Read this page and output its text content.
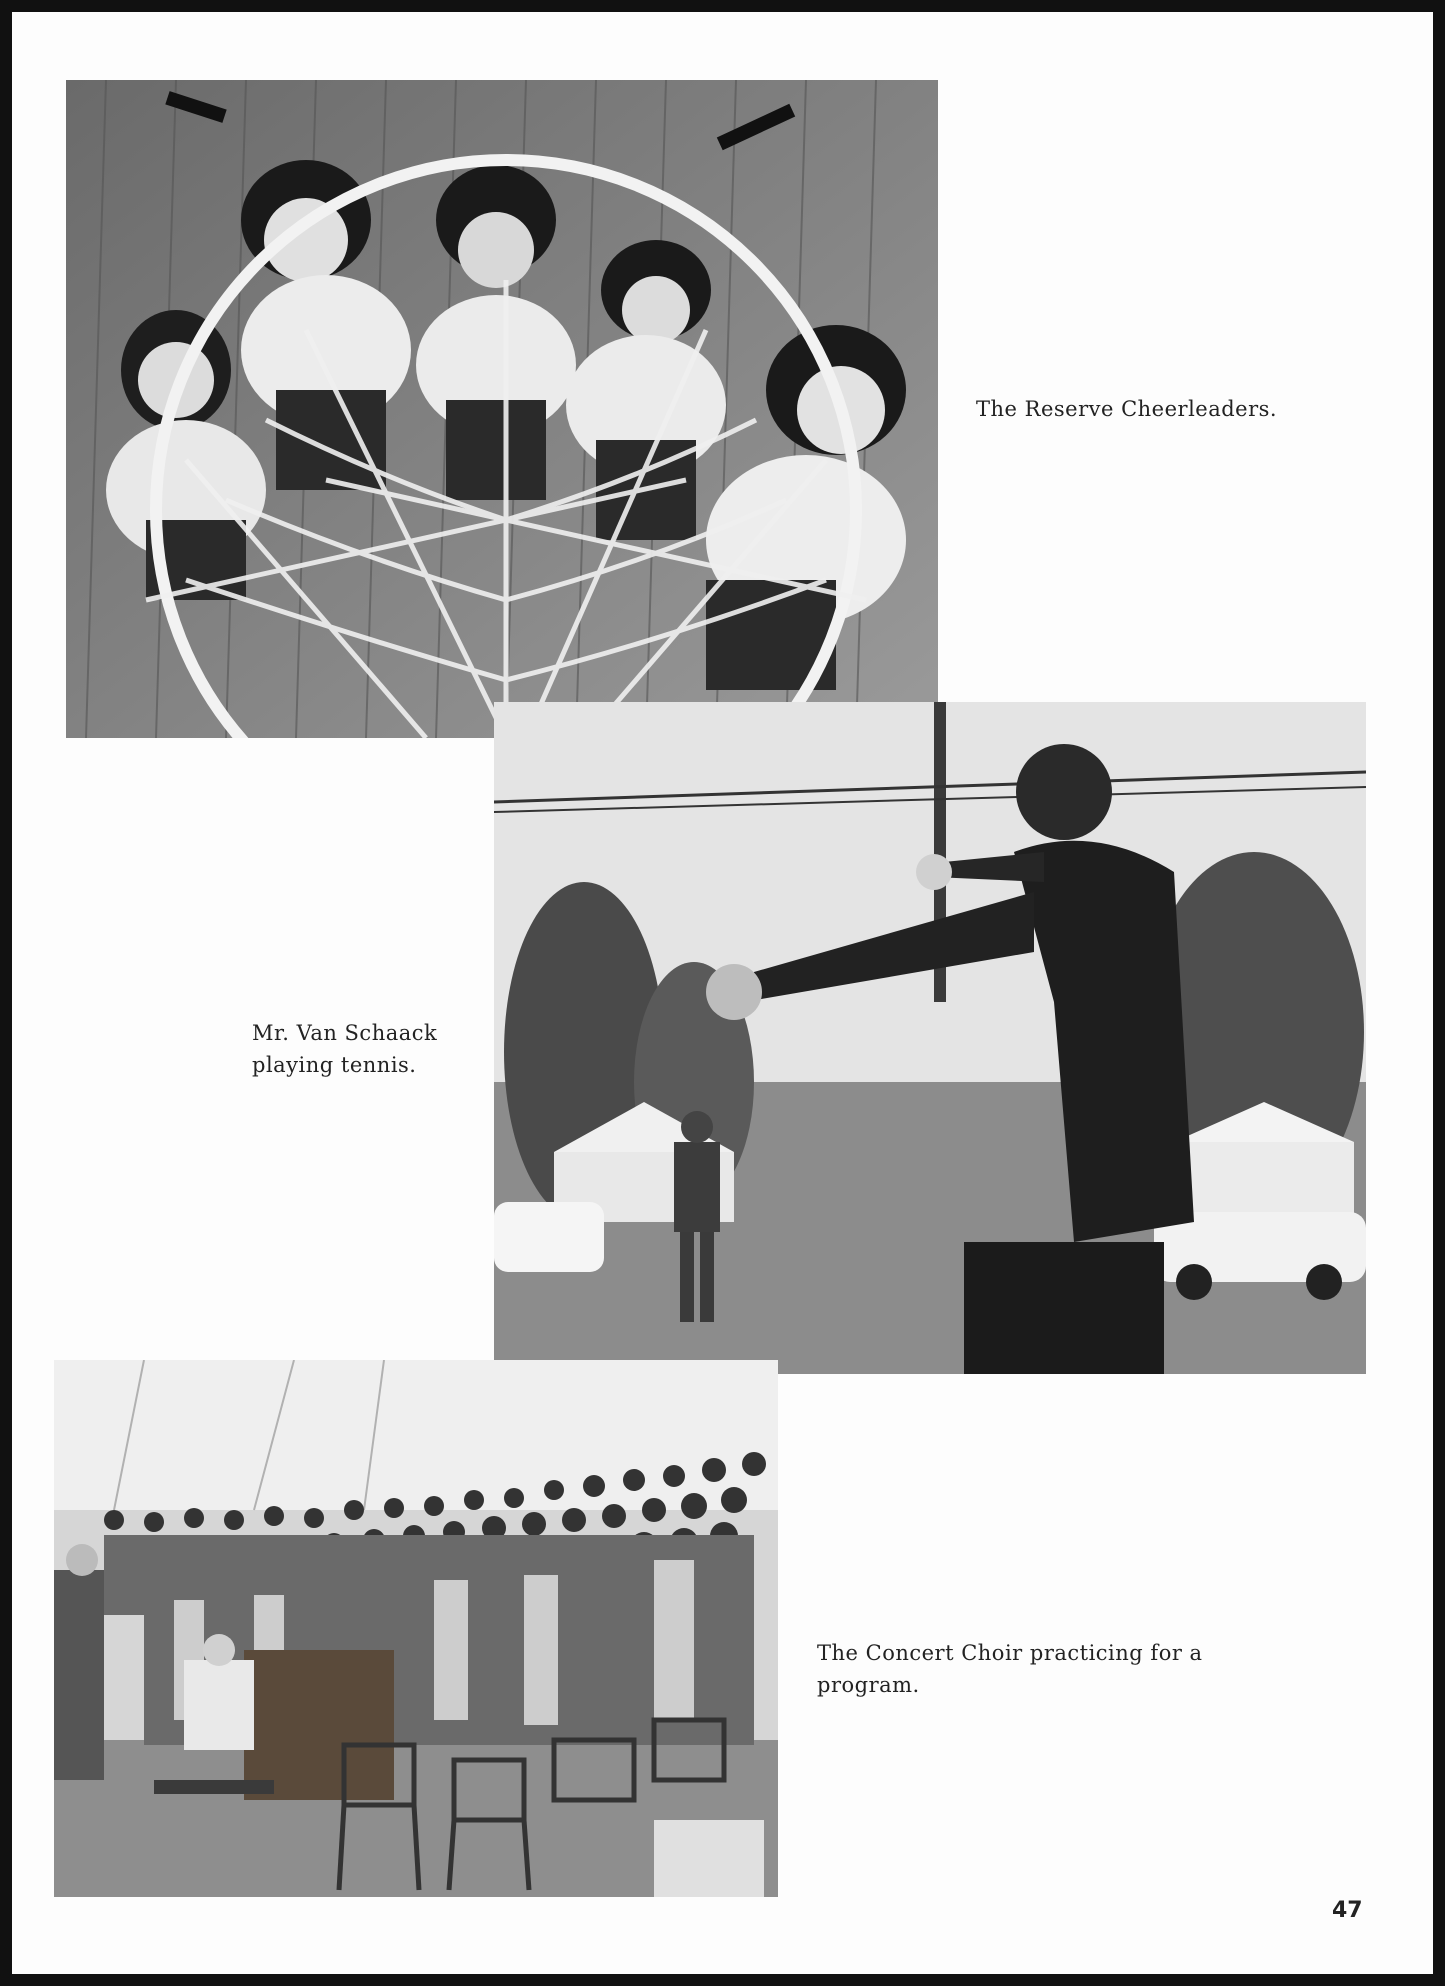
The Reserve Cheerleaders.
Mr. Van Schaack
playing tennis.
The Concert Choir practicing for a
program.
47
